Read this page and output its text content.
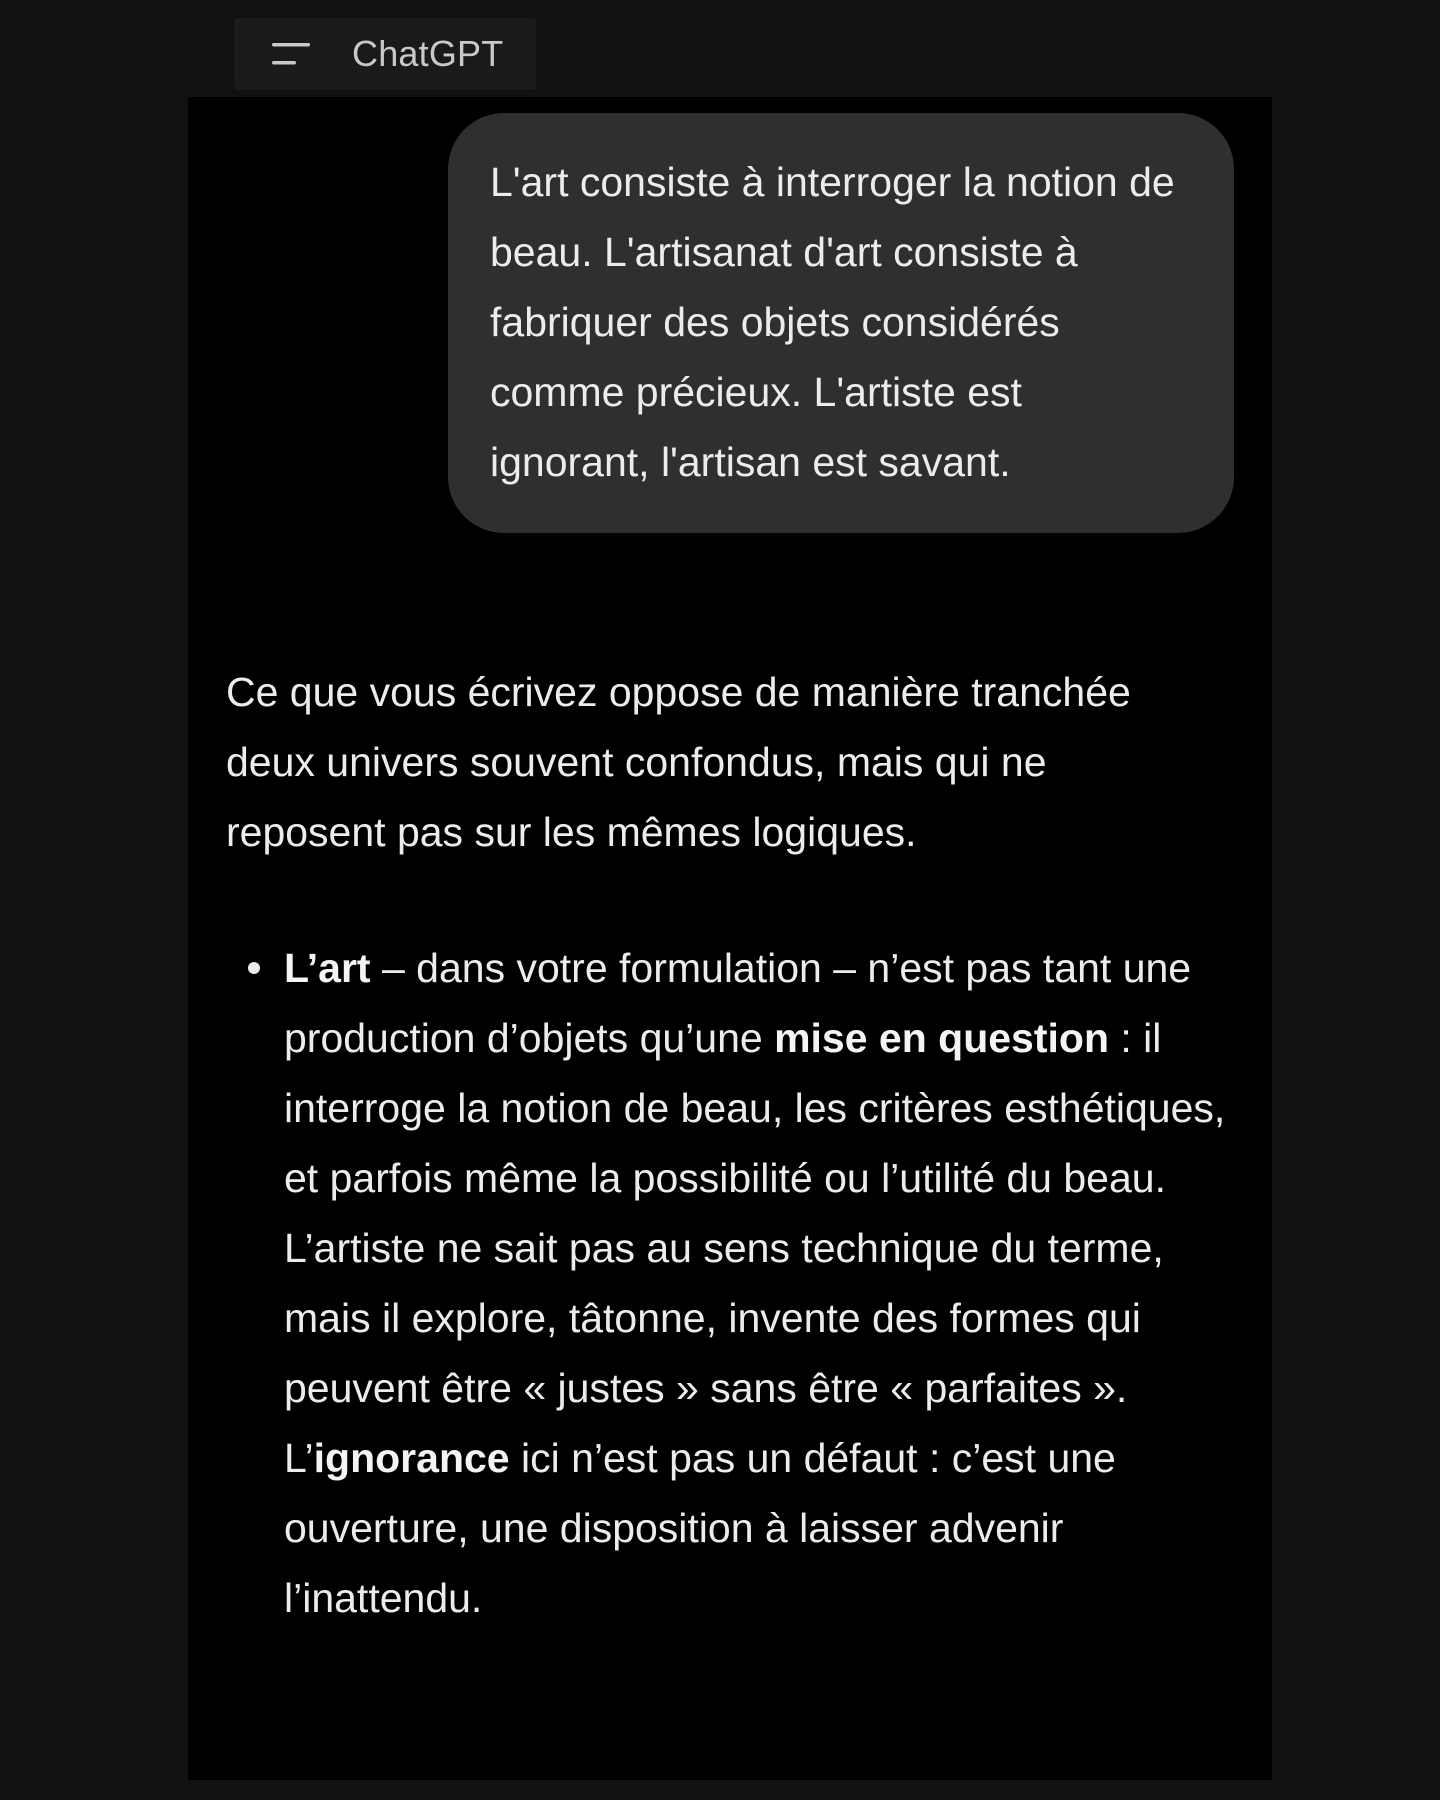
ChatGPT
L'art consiste à interroger la notion de beau. L'artisanat d'art consiste à fabriquer des objets considérés comme précieux. L'artiste est ignorant, l'artisan est savant.

Ce que vous écrivez oppose de manière tranchée deux univers souvent confondus, mais qui ne reposent pas sur les mêmes logiques.

L’art – dans votre formulation – n’est pas tant une production d’objets qu’une mise en question : il interroge la notion de beau, les critères esthétiques, et parfois même la possibilité ou l’utilité du beau. L’artiste ne sait pas au sens technique du terme, mais il explore, tâtonne, invente des formes qui peuvent être « justes » sans être « parfaites ». L’ignorance ici n’est pas un défaut : c’est une ouverture, une disposition à laisser advenir l’inattendu.
